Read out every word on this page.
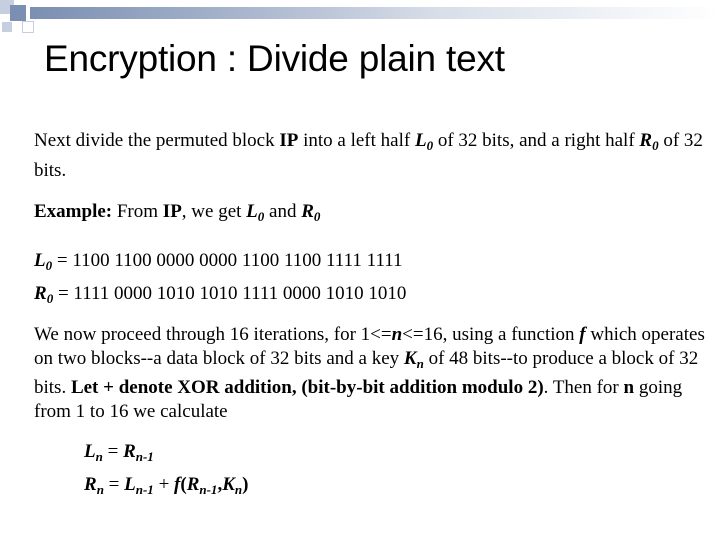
Encryption : Divide plain text
Next divide the permuted block IP into a left half $L_0$ of 32 bits, and a right half $R_0$ of 32 bits.
Example: From IP, we get $L_0$ and $R_0$
$L_0 = 1100$ 1100 0000 0000 1100 1100 1111 1111
$R_0 = 1111$ 0000 1010 1010 1111 0000 1010 1010
We now proceed through 16 iterations, for 1<=n<=16, using a function f which operates on two blocks--a data block of 32 bits and a key $K_n$ of 48 bits--to produce a block of 32 bits. Let + denote XOR addition, (bit-by-bit addition modulo 2). Then for n going from 1 to 16 we calculate
$L_n = R_{n-1}$
$R_n = L_{n-1} + f(R_{n-1},K_n)$
